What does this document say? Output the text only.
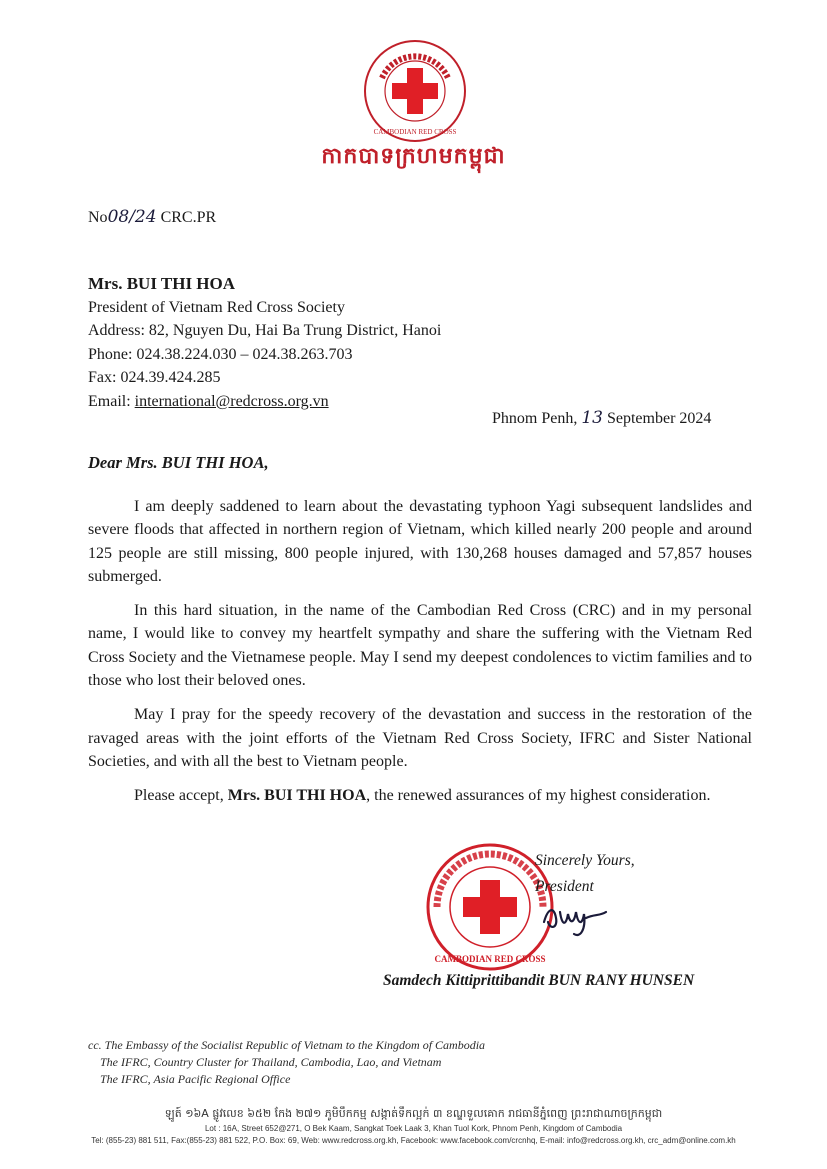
CAMBODIAN RED CROSS
កាកបាទក្រហមកម្ពុជា
No08/24 CRC.PR
Mrs. BUI THI HOA
President of Vietnam Red Cross Society
Address: 82, Nguyen Du, Hai Ba Trung District, Hanoi
Phone: 024.38.224.030 – 024.38.263.703
Fax: 024.39.424.285
Email: international@redcross.org.vn
Phnom Penh, 13 September 2024
Dear Mrs. BUI THI HOA,

I am deeply saddened to learn about the devastating typhoon Yagi subsequent landslides and severe floods that affected in northern region of Vietnam, which killed nearly 200 people and around 125 people are still missing, 800 people injured, with 130,268 houses damaged and 57,857 houses submerged.

In this hard situation, in the name of the Cambodian Red Cross (CRC) and in my personal name, I would like to convey my heartfelt sympathy and share the suffering with the Vietnam Red Cross Society and the Vietnamese people. May I send my deepest condolences to victim families and to those who lost their beloved ones.

May I pray for the speedy recovery of the devastation and success in the restoration of the ravaged areas with the joint efforts of the Vietnam Red Cross Society, IFRC and Sister National Societies, and with all the best to Vietnam people.

Please accept, Mrs. BUI THI HOA, the renewed assurances of my highest consideration.

CAMBODIAN RED CROSS
Sincerely Yours,
President
Samdech Kittiprittibandit BUN RANY HUNSEN
cc. The Embassy of the Socialist Republic of Vietnam to the Kingdom of Cambodia
The IFRC, Country Cluster for Thailand, Cambodia, Lao, and Vietnam
The IFRC, Asia Pacific Regional Office
ឡូត៍ ១៦A ផ្លូវលេខ ៦៥២ កែង ២៧១ ភូមិបឹកកម្ម សង្កាត់ទឹកល្អក់ ៣ ខណ្ឌទួលគោក រាជធានីភ្នំពេញ ព្រះរាជាណាចក្រកម្ពុជា
Lot : 16A, Street 652@271, O Bek Kaam, Sangkat Toek Laak 3, Khan Tuol Kork, Phnom Penh, Kingdom of Cambodia
Tel: (855-23) 881 511, Fax:(855-23) 881 522, P.O. Box: 69, Web: www.redcross.org.kh, Facebook: www.facebook.com/crcnhq, E-mail: info@redcross.org.kh, crc_adm@online.com.kh
